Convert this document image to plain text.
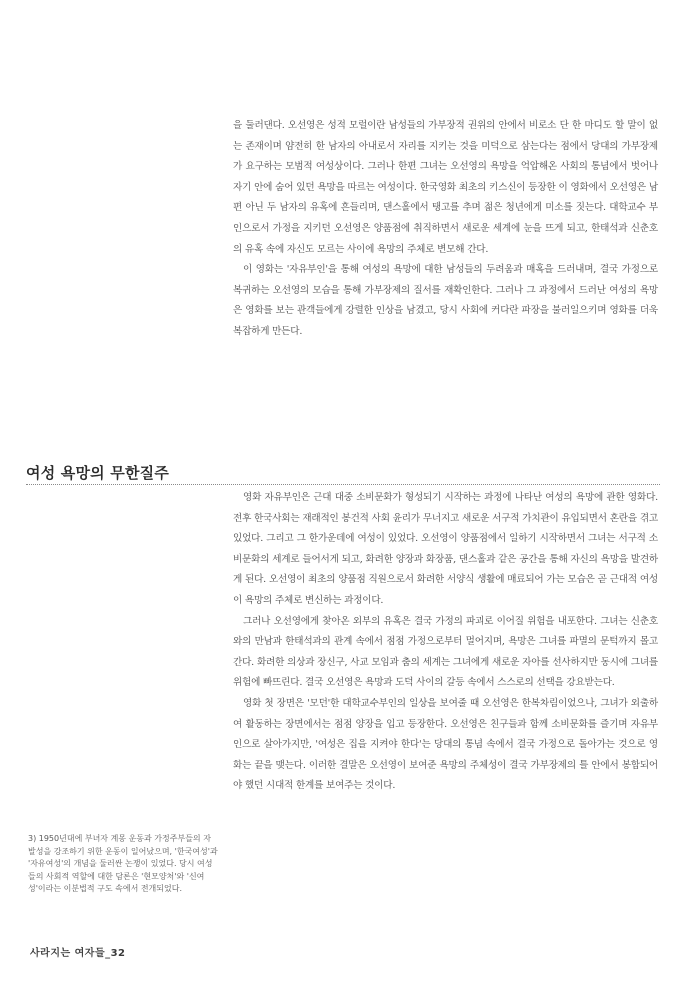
을 둘러댄다. 오선영은 성적 모럴이란 남성들의 가부장적 권위의 안에서 비로소 단 한 마디도 할 말이 없는 존재이며 얌전히 한 남자의 아내로서 자리를 지키는 것을 미덕으로 삼는다는 점에서 당대의 가부장제가 요구하는 모범적 여성상이다. 그러나 한편 그녀는 오선영의 욕망을 억압해온 사회의 통념에서 벗어나 자기 안에 숨어 있던 욕망을 따르는 여성이다. 한국영화 최초의 키스신이 등장한 이 영화에서 오선영은 남편 아닌 두 남자의 유혹에 흔들리며, 댄스홀에서 탱고를 추며 젊은 청년에게 미소를 짓는다. 대학교수 부인으로서 가정을 지키던 오선영은 양품점에 취직하면서 새로운 세계에 눈을 뜨게 되고, 한태석과 신춘호의 유혹 속에 자신도 모르는 사이에 욕망의 주체로 변모해 간다.

이 영화는 '자유부인'을 통해 여성의 욕망에 대한 남성들의 두려움과 매혹을 드러내며, 결국 가정으로 복귀하는 오선영의 모습을 통해 가부장제의 질서를 재확인한다. 그러나 그 과정에서 드러난 여성의 욕망은 영화를 보는 관객들에게 강렬한 인상을 남겼고, 당시 사회에 커다란 파장을 불러일으키며 영화를 더욱 복잡하게 만든다.

여성 욕망의 무한질주

영화 자유부인은 근대 대중 소비문화가 형성되기 시작하는 과정에 나타난 여성의 욕망에 관한 영화다. 전후 한국사회는 재래적인 봉건적 사회 윤리가 무너지고 새로운 서구적 가치관이 유입되면서 혼란을 겪고 있었다. 그리고 그 한가운데에 여성이 있었다. 오선영이 양품점에서 일하기 시작하면서 그녀는 서구적 소비문화의 세계로 들어서게 되고, 화려한 양장과 화장품, 댄스홀과 같은 공간을 통해 자신의 욕망을 발견하게 된다. 오선영이 최초의 양품점 직원으로서 화려한 서양식 생활에 매료되어 가는 모습은 곧 근대적 여성이 욕망의 주체로 변신하는 과정이다.

그러나 오선영에게 찾아온 외부의 유혹은 결국 가정의 파괴로 이어질 위험을 내포한다. 그녀는 신춘호와의 만남과 한태석과의 관계 속에서 점점 가정으로부터 멀어지며, 욕망은 그녀를 파멸의 문턱까지 몰고 간다. 화려한 의상과 장신구, 사교 모임과 춤의 세계는 그녀에게 새로운 자아를 선사하지만 동시에 그녀를 위험에 빠뜨린다. 결국 오선영은 욕망과 도덕 사이의 갈등 속에서 스스로의 선택을 강요받는다.

영화 첫 장면은 '모던'한 대학교수부인의 일상을 보여줄 때 오선영은 한복차림이었으나, 그녀가 외출하여 활동하는 장면에서는 점점 양장을 입고 등장한다. 오선영은 친구들과 함께 소비문화를 즐기며 자유부인으로 살아가지만, '여성은 집을 지켜야 한다'는 당대의 통념 속에서 결국 가정으로 돌아가는 것으로 영화는 끝을 맺는다. 이러한 결말은 오선영이 보여준 욕망의 주체성이 결국 가부장제의 틀 안에서 봉합되어야 했던 시대적 한계를 보여주는 것이다.

3) 1950년대에 부녀자 계몽 운동과 가정주부들의 자발성을 강조하기 위한 운동이 일어났으며, '한국여성'과 '자유여성'의 개념을 둘러싼 논쟁이 있었다. 당시 여성들의 사회적 역할에 대한 담론은 '현모양처'와 '신여성'이라는 이분법적 구도 속에서 전개되었다.

사라지는 여자들_32
